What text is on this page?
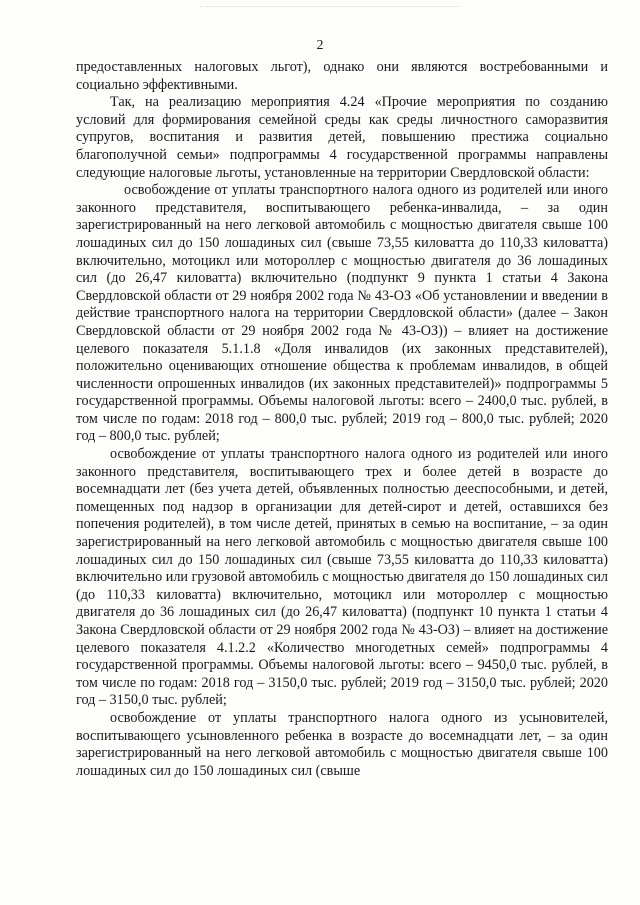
2

предоставленных налоговых льгот), однако они являются востребованными и социально эффективными.

Так, на реализацию мероприятия 4.24 «Прочие мероприятия по созданию условий для формирования семейной среды как среды личностного саморазвития супругов, воспитания и развития детей, повышению престижа социально благополучной семьи» подпрограммы 4 государственной программы направлены следующие налоговые льготы, установленные на территории Свердловской области:

освобождение от уплаты транспортного налога одного из родителей или иного законного представителя, воспитывающего ребенка-инвалида, – за один зарегистрированный на него легковой автомобиль с мощностью двигателя свыше 100 лошадиных сил до 150 лошадиных сил (свыше 73,55 киловатта до 110,33 киловатта) включительно, мотоцикл или мотороллер с мощностью двигателя до 36 лошадиных сил (до 26,47 киловатта) включительно (подпункт 9 пункта 1 статьи 4 Закона Свердловской области от 29 ноября 2002 года № 43-ОЗ «Об установлении и введении в действие транспортного налога на территории Свердловской области» (далее – Закон Свердловской области от 29 ноября 2002 года № 43-ОЗ)) – влияет на достижение целевого показателя 5.1.1.8 «Доля инвалидов (их законных представителей), положительно оценивающих отношение общества к проблемам инвалидов, в общей численности опрошенных инвалидов (их законных представителей)» подпрограммы 5 государственной программы. Объемы налоговой льготы: всего – 2400,0 тыс. рублей, в том числе по годам: 2018 год – 800,0 тыс. рублей; 2019 год – 800,0 тыс. рублей; 2020 год – 800,0 тыс. рублей;

освобождение от уплаты транспортного налога одного из родителей или иного законного представителя, воспитывающего трех и более детей в возрасте до восемнадцати лет (без учета детей, объявленных полностью дееспособными, и детей, помещенных под надзор в организации для детей-сирот и детей, оставшихся без попечения родителей), в том числе детей, принятых в семью на воспитание, – за один зарегистрированный на него легковой автомобиль с мощностью двигателя свыше 100 лошадиных сил до 150 лошадиных сил (свыше 73,55 киловатта до 110,33 киловатта) включительно или грузовой автомобиль с мощностью двигателя до 150 лошадиных сил (до 110,33 киловатта) включительно, мотоцикл или мотороллер с мощностью двигателя до 36 лошадиных сил (до 26,47 киловатта) (подпункт 10 пункта 1 статьи 4 Закона Свердловской области от 29 ноября 2002 года № 43-ОЗ) – влияет на достижение целевого показателя 4.1.2.2 «Количество многодетных семей» подпрограммы 4 государственной программы. Объемы налоговой льготы: всего – 9450,0 тыс. рублей, в том числе по годам: 2018 год – 3150,0 тыс. рублей; 2019 год – 3150,0 тыс. рублей; 2020 год – 3150,0 тыс. рублей;

освобождение от уплаты транспортного налога одного из усыновителей, воспитывающего усыновленного ребенка в возрасте до восемнадцати лет, – за один зарегистрированный на него легковой автомобиль с мощностью двигателя свыше 100 лошадиных сил до 150 лошадиных сил (свыше
